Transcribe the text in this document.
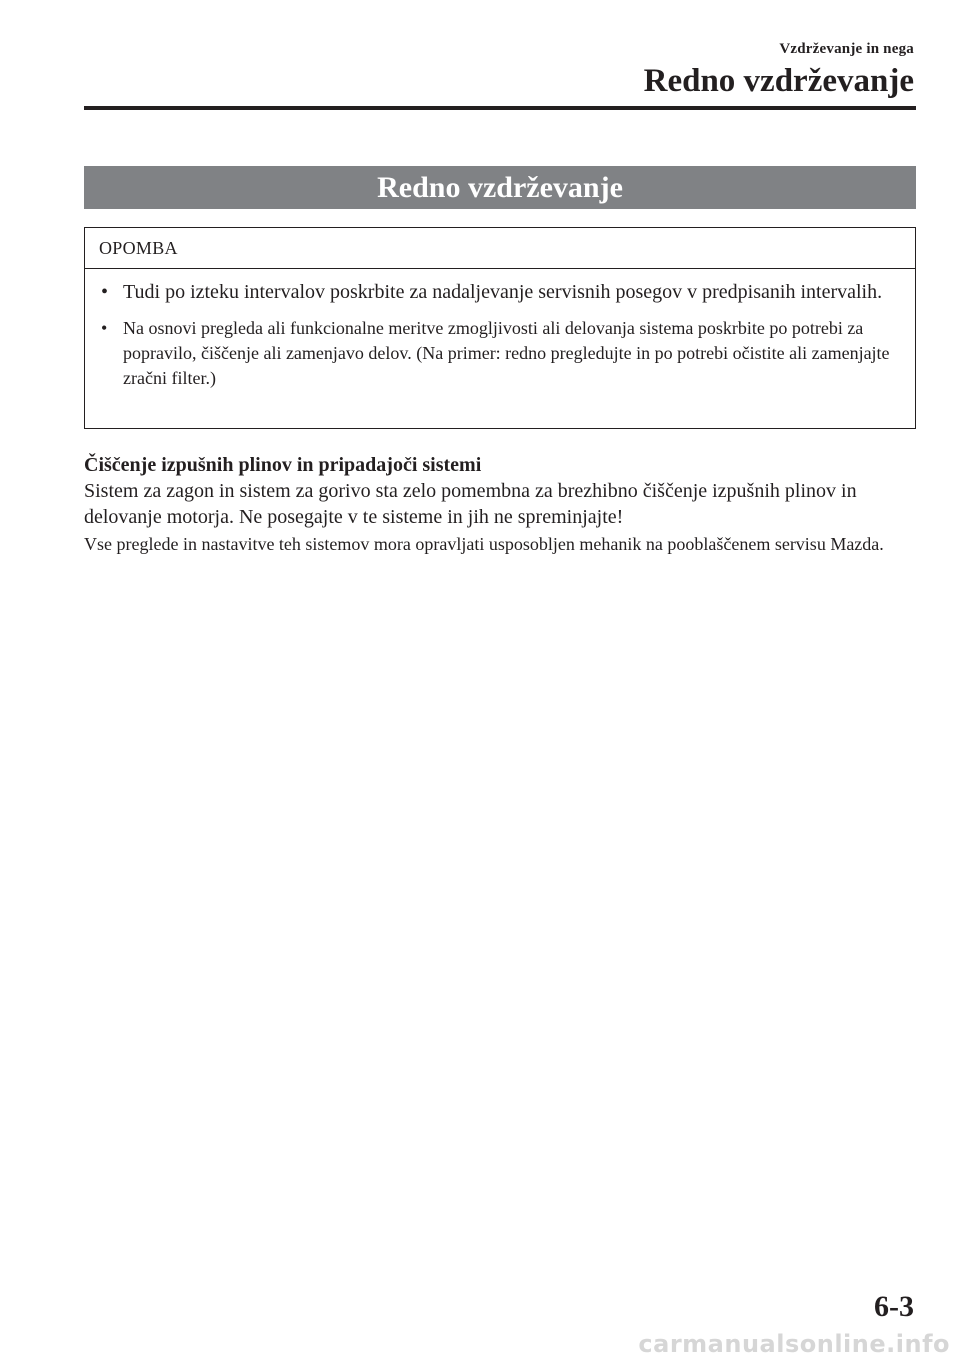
Vzdrževanje in nega
Redno vzdrževanje
Redno vzdrževanje
OPOMBA
• Tudi po izteku intervalov poskrbite za nadaljevanje servisnih posegov v predpisanih intervalih.
• Na osnovi pregleda ali funkcionalne meritve zmogljivosti ali delovanja sistema poskrbite po potrebi za popravilo, čiščenje ali zamenjavo delov. (Na primer: redno pregledujte in po potrebi očistite ali zamenjajte zračni filter.)
Čiščenje izpušnih plinov in pripadajoči sistemi

Sistem za zagon in sistem za gorivo sta zelo pomembna za brezhibno čiščenje izpušnih plinov in delovanje motorja. Ne posegajte v te sisteme in jih ne spreminjajte!

Vse preglede in nastavitve teh sistemov mora opravljati usposobljen mehanik na pooblaščenem servisu Mazda.

6-3
carmanualsonline.info
